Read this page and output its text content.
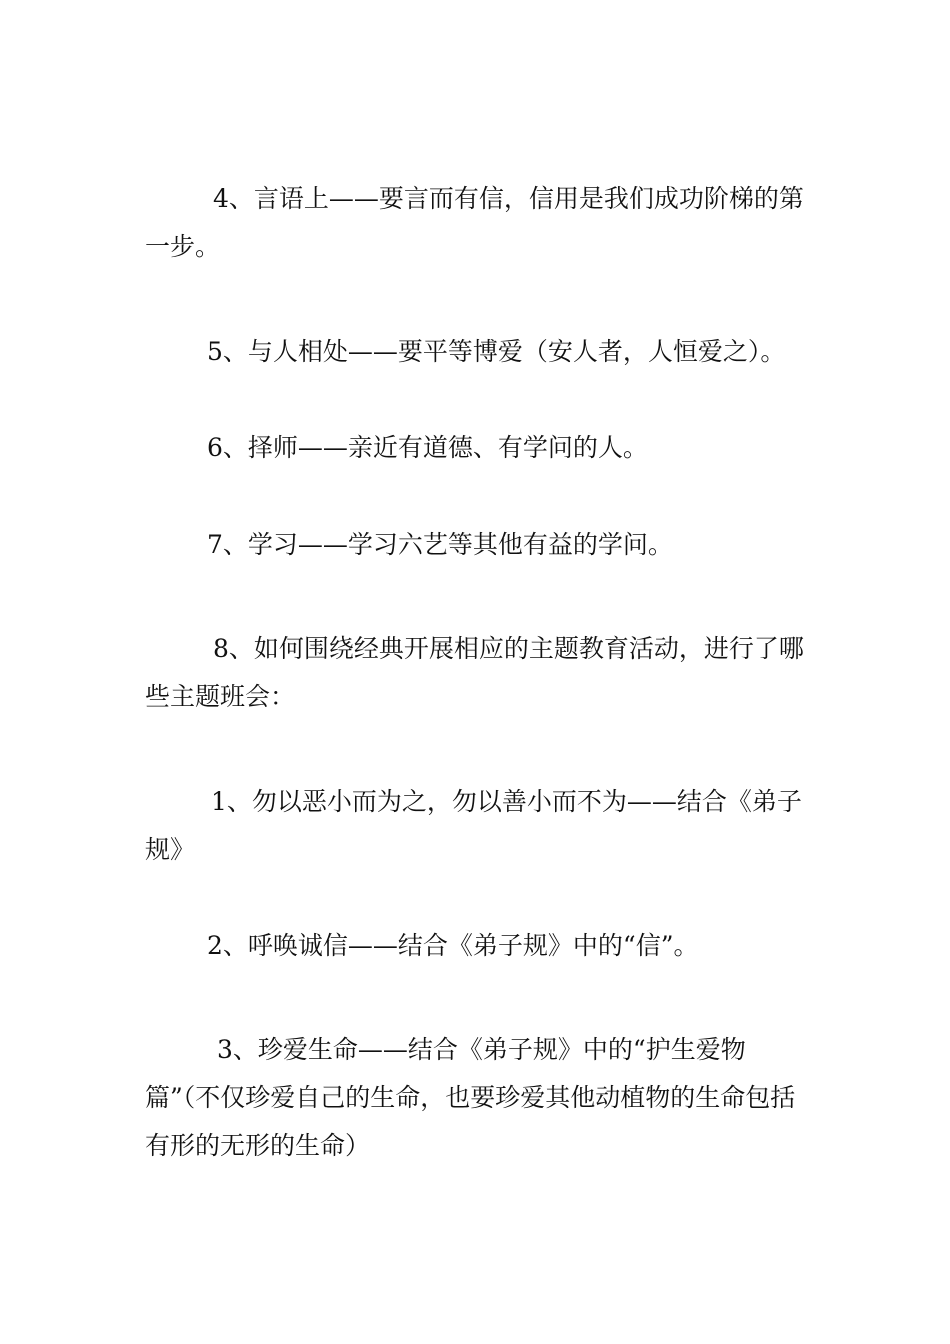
4、言语上——要言而有信，信用是我们成功阶梯的第一步。

5、与人相处——要平等博爱（安人者，人恒爱之）。

6、择师——亲近有道德、有学问的人。

7、学习——学习六艺等其他有益的学问。

8、如何围绕经典开展相应的主题教育活动，进行了哪些主题班会：

1、勿以恶小而为之，勿以善小而不为——结合《弟子规》

2、呼唤诚信——结合《弟子规》中的“信”。

3、珍爱生命——结合《弟子规》中的“护生爱物篇”（不仅珍爱自己的生命，也要珍爱其他动植物的生命包括有形的无形的生命）
